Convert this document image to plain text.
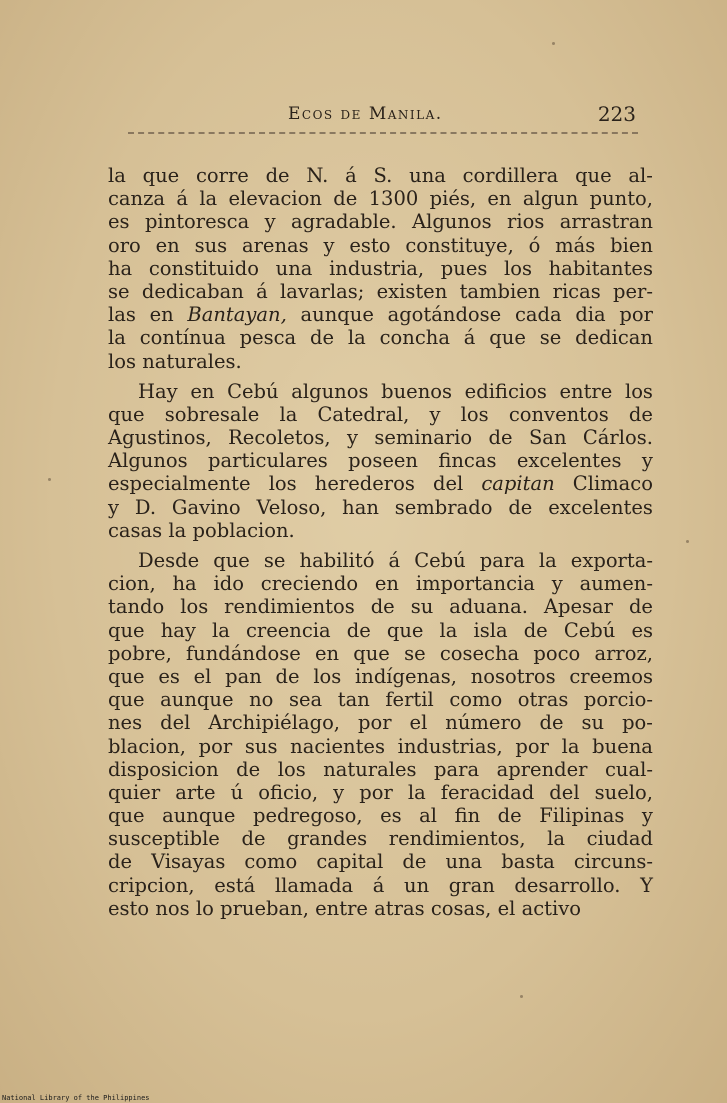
Ecos de Manila.	223
la que corre de N. á S. una cordillera que al-
canza á la elevacion de 1300 piés, en algun punto,
es pintoresca y agradable. Algunos rios arrastran
oro en sus arenas y esto constituye, ó más bien
ha constituido una industria, pues los habitantes
se dedicaban á lavarlas; existen tambien ricas per-
las en Bantayan, aunque agotándose cada dia por
la contínua pesca de la concha á que se dedican
los naturales.
Hay en Cebú algunos buenos edificios entre los
que sobresale la Catedral, y los conventos de
Agustinos, Recoletos, y seminario de San Cárlos.
Algunos particulares poseen fincas excelentes y
especialmente los herederos del capitan Climaco
y D. Gavino Veloso, han sembrado de excelentes
casas la poblacion.
Desde que se habilitó á Cebú para la exporta-
cion, ha ido creciendo en importancia y aumen-
tando los rendimientos de su aduana. Apesar de
que hay la creencia de que la isla de Cebú es
pobre, fundándose en que se cosecha poco arroz,
que es el pan de los indígenas, nosotros creemos
que aunque no sea tan fertil como otras porcio-
nes del Archipiélago, por el número de su po-
blacion, por sus nacientes industrias, por la buena
disposicion de los naturales para aprender cual-
quier arte ú oficio, y por la feracidad del suelo,
que aunque pedregoso, es al fin de Filipinas y
susceptible de grandes rendimientos, la ciudad
de Visayas como capital de una basta circuns-
cripcion, está llamada á un gran desarrollo. Y
esto nos lo prueban, entre atras cosas, el activo
National Library of the Philippines
